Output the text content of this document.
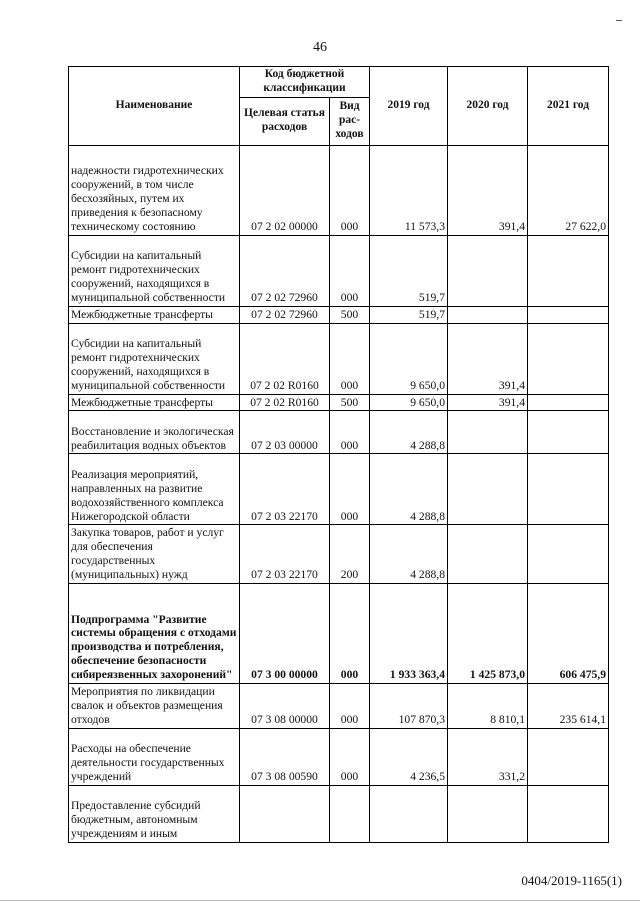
46
Наименование	Код бюджетной классификации		2019 год	2020 год	2021 год
	Целевая статья расходов	Вид рас-ходов			
надежности гидротехнических сооружений, в том числе бесхозяйных, путем их приведения к безопасному техническому состоянию	07 2 02 00000	000	11 573,3	391,4	27 622,0
Субсидии на капитальный ремонт гидротехнических сооружений, находящихся в муниципальной собственности	07 2 02 72960	000	519,7		
Межбюджетные трансферты	07 2 02 72960	500	519,7		
Субсидии на капитальный ремонт гидротехнических сооружений, находящихся в муниципальной собственности	07 2 02 R0160	000	9 650,0	391,4	
Межбюджетные трансферты	07 2 02 R0160	500	9 650,0	391,4	
Восстановление и экологическая реабилитация водных объектов	07 2 03 00000	000	4 288,8		
Реализация мероприятий, направленных на развитие водохозяйственного комплекса Нижегородской области	07 2 03 22170	000	4 288,8		
Закупка товаров, работ и услуг для обеспечения государственных (муниципальных) нужд	07 2 03 22170	200	4 288,8		
Подпрограмма "Развитие системы обращения с отходами производства и потребления, обеспечение безопасности сибиреязвенных захоронений"	07 3 00 00000	000	1 933 363,4	1 425 873,0	606 475,9
Мероприятия по ликвидации свалок и объектов размещения отходов	07 3 08 00000	000	107 870,3	8 810,1	235 614,1
Расходы на обеспечение деятельности государственных учреждений	07 3 08 00590	000	4 236,5	331,2	
Предоставление субсидий бюджетным, автономным учреждениям и иным					
0404/2019-1165(1)
